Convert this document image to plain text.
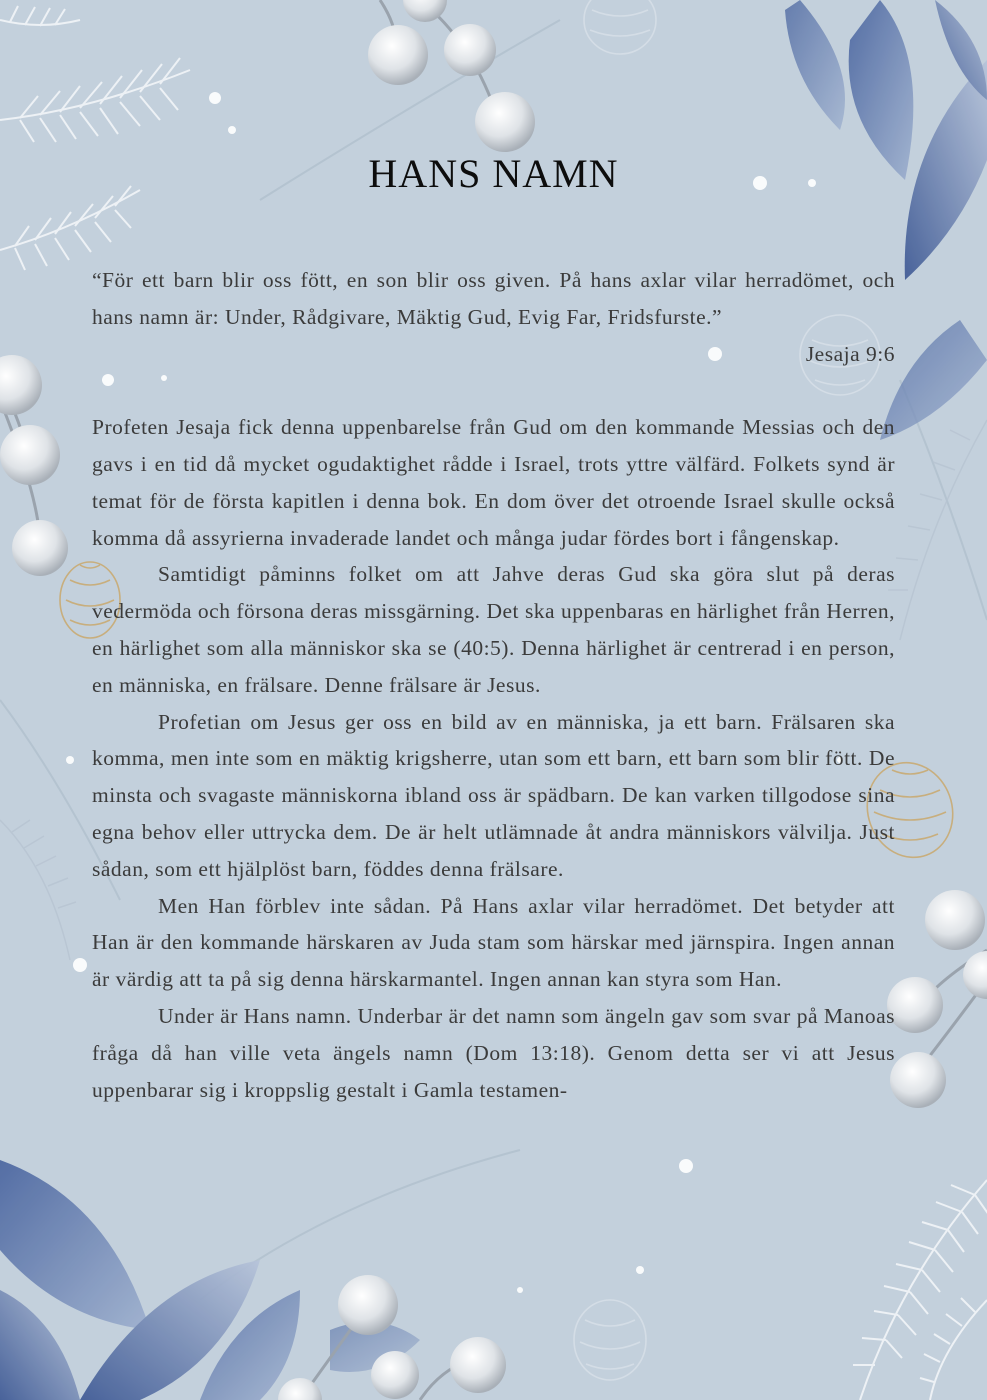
HANS NAMN

“För ett barn blir oss fött, en son blir oss given. På hans axlar vilar herradömet, och hans namn är: Under, Rådgivare, Mäktig Gud, Evig Far, Fridsfurste.”

Jesaja 9:6

Profeten Jesaja fick denna uppenbarelse från Gud om den kommande Messias och den gavs i en tid då mycket ogudaktighet rådde i Israel, trots yttre välfärd. Folkets synd är temat för de första kapitlen i denna bok. En dom över det otroende Israel skulle också komma då assyrierna invaderade landet och många judar fördes bort i fångenskap.

Samtidigt påminns folket om att Jahve deras Gud ska göra slut på deras vedermöda och försona deras missgärning. Det ska uppenbaras en härlighet från Herren, en härlighet som alla människor ska se (40:5). Denna härlighet är centrerad i en person, en människa, en frälsare. Denne frälsare är Jesus.

Profetian om Jesus ger oss en bild av en människa, ja ett barn. Frälsaren ska komma, men inte som en mäktig krigsherre, utan som ett barn, ett barn som blir fött. De minsta och svagaste människorna ibland oss är spädbarn. De kan varken tillgodose sina egna behov eller uttrycka dem. De är helt utlämnade åt andra människors välvilja. Just sådan, som ett hjälplöst barn, föddes denna frälsare.

Men Han förblev inte sådan. På Hans axlar vilar herradömet. Det betyder att Han är den kommande härskaren av Juda stam som härskar med järnspira. Ingen annan är värdig att ta på sig denna härskarmantel. Ingen annan kan styra som Han.

Under är Hans namn. Underbar är det namn som ängeln gav som svar på Manoas fråga då han ville veta ängels namn (Dom 13:18). Genom detta ser vi att Jesus uppenbarar sig i kroppslig gestalt i Gamla testamen-
